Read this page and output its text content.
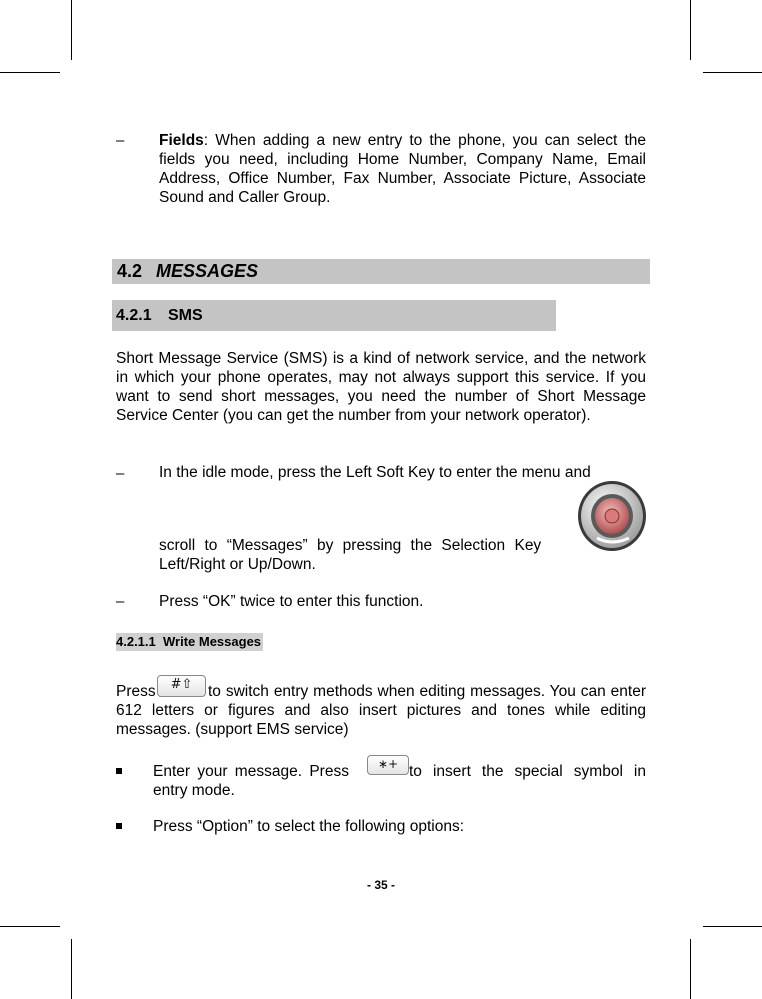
– Fields: When adding a new entry to the phone, you can select the fields you need, including Home Number, Company Name, Email Address, Office Number, Fax Number, Associate Picture, Associate Sound and Caller Group.
4.2 MESSAGES
4.2.1 SMS
Short Message Service (SMS) is a kind of network service, and the network in which your phone operates, may not always support this service. If you want to send short messages, you need the number of Short Message Service Center (you can get the number from your network operator).
– In the idle mode, press the Left Soft Key to enter the menu and
scroll to “Messages” by pressing the Selection Key
Left/Right or Up/Down.
– Press “OK” twice to enter this function.
4.2.1.1 Write Messages
Press	#⇧	to switch entry methods when editing messages. You can enter 612 letters or figures and also insert pictures and tones while editing messages. (support EMS service)
Enter your message. Press	∗+ to insert the special symbol in entry mode.
Press “Option” to select the following options:
- 35 -
